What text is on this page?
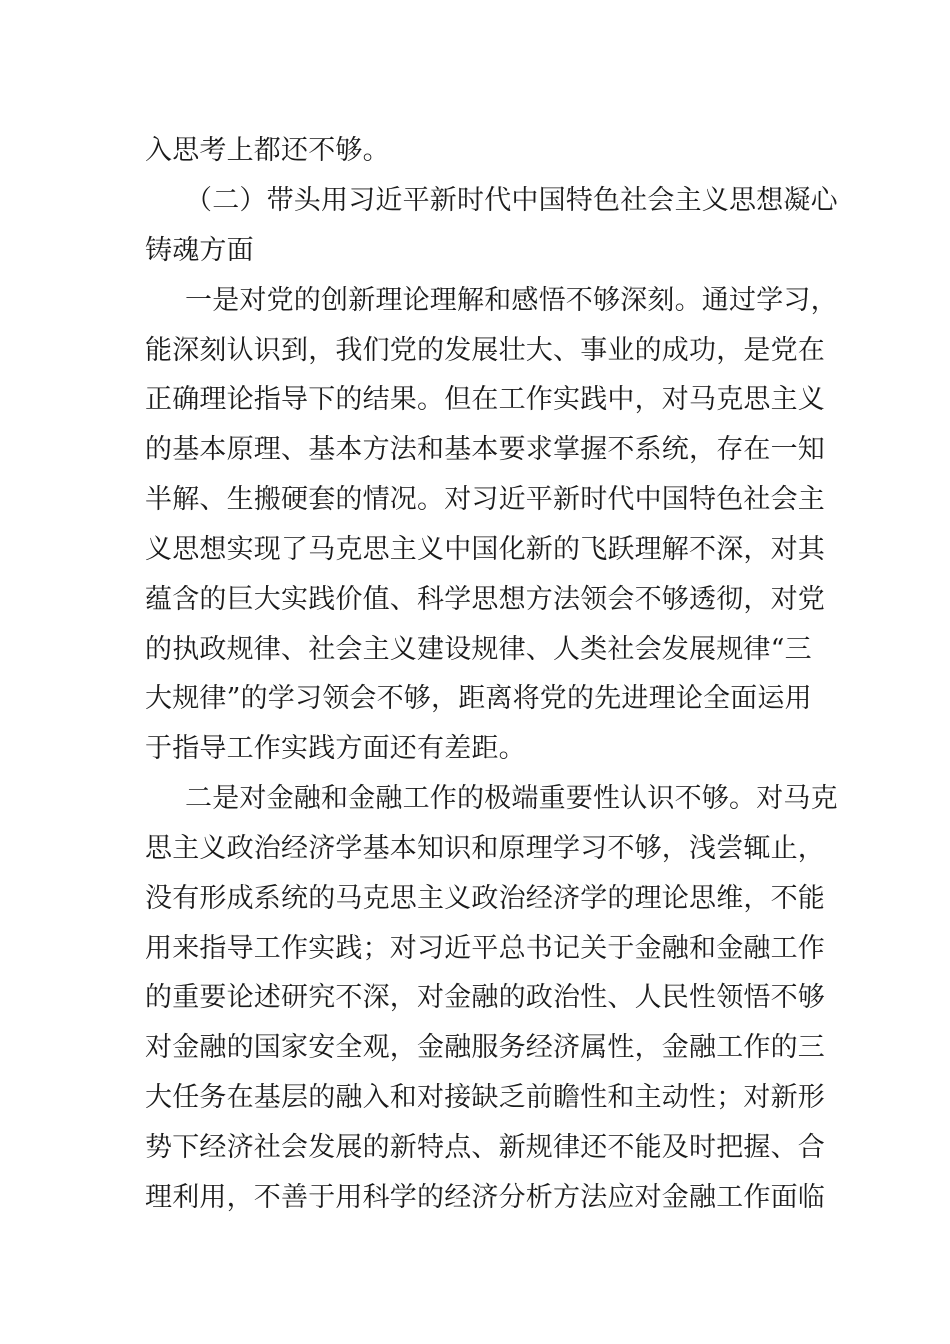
入思考上都还不够。
（二）带头用习近平新时代中国特色社会主义思想凝心
铸魂方面
一是对党的创新理论理解和感悟不够深刻。通过学习，
能深刻认识到，我们党的发展壮大、事业的成功，是党在
正确理论指导下的结果。但在工作实践中，对马克思主义
的基本原理、基本方法和基本要求掌握不系统，存在一知
半解、生搬硬套的情况。对习近平新时代中国特色社会主
义思想实现了马克思主义中国化新的飞跃理解不深，对其
蕴含的巨大实践价值、科学思想方法领会不够透彻，对党
的执政规律、社会主义建设规律、人类社会发展规律“三
大规律”的学习领会不够，距离将党的先进理论全面运用
于指导工作实践方面还有差距。
二是对金融和金融工作的极端重要性认识不够。对马克
思主义政治经济学基本知识和原理学习不够，浅尝辄止，
没有形成系统的马克思主义政治经济学的理论思维，不能
用来指导工作实践；对习近平总书记关于金融和金融工作
的重要论述研究不深，对金融的政治性、人民性领悟不够
对金融的国家安全观，金融服务经济属性，金融工作的三
大任务在基层的融入和对接缺乏前瞻性和主动性；对新形
势下经济社会发展的新特点、新规律还不能及时把握、合
理利用，不善于用科学的经济分析方法应对金融工作面临
